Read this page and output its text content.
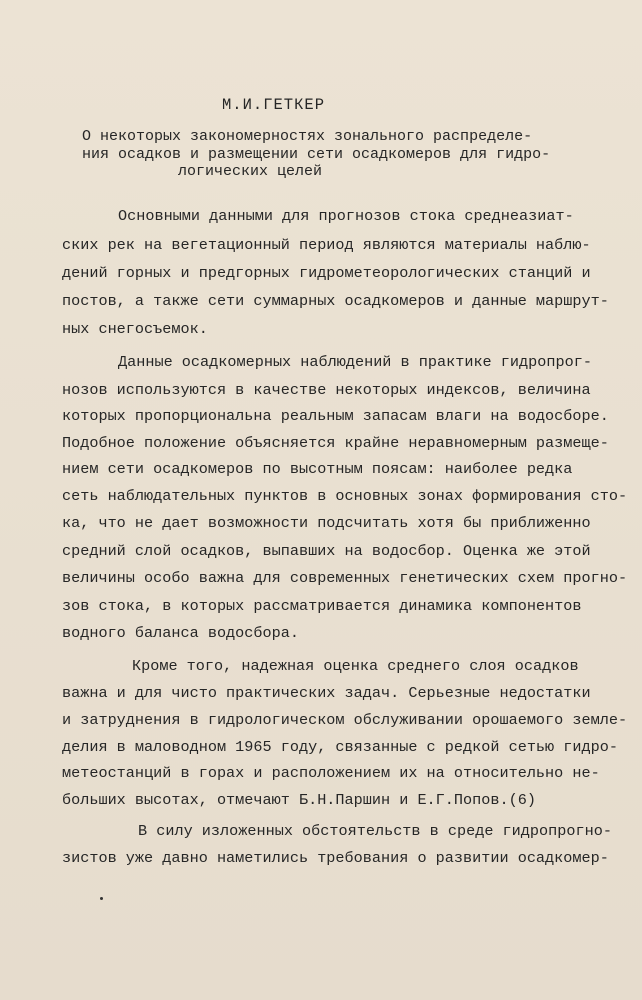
М.И.ГЕТКЕР
О некоторых закономерностях зонального распределе-
ния осадков и размещении сети осадкомеров для гидро-
логических целей
Основными данными для прогнозов стока среднеазиат-
ских рек на вегетационный период являются материалы наблю-
дений горных и предгорных гидрометеорологических станций и
постов, а также сети суммарных осадкомеров и данные маршрут-
ных снегосъемок.
Данные осадкомерных наблюдений в практике гидропрог-
нозов используются в качестве некоторых индексов, величина
которых пропорциональна реальным запасам влаги на водосборе.
Подобное положение объясняется крайне неравномерным размеще-
нием сети осадкомеров по высотным поясам: наиболее редка
сеть наблюдательных пунктов в основных зонах формирования сто-
ка, что не дает возможности подсчитать хотя бы приближенно
средний слой осадков, выпавших на водосбор. Оценка же этой
величины особо важна для современных генетических схем прогно-
зов стока, в которых рассматривается динамика компонентов
водного баланса водосбора.
Кроме того, надежная оценка среднего слоя осадков
важна и для чисто практических задач. Серьезные недостатки
и затруднения в гидрологическом обслуживании орошаемого земле-
делия в маловодном 1965 году, связанные с редкой сетью гидро-
метеостанций в горах и расположением их на относительно не-
больших высотах, отмечают Б.Н.Паршин и Е.Г.Попов.(6)
В силу изложенных обстоятельств в среде гидропрогно-
зистов уже давно наметились требования о развитии осадкомер-
